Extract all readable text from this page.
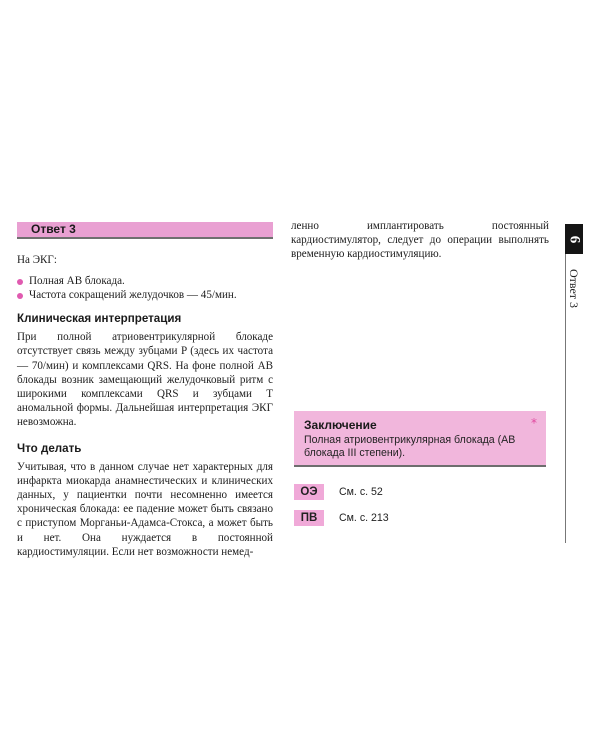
Ответ 3

На ЭКГ:

Полная АВ блокада.
Частота сокращений желудочков — 45/мин.
Клиническая интерпретация

При полной атриовентрикулярной блокаде отсутствует связь между зубцами P (здесь их частота — 70/мин) и комплексами QRS. На фоне полной АВ блокады возник замещающий желудочковый ритм с широкими комплексами QRS и зубцами T аномальной формы. Дальнейшая интерпретация ЭКГ невозможна.

Что делать

Учитывая, что в данном случае нет характерных для инфаркта миокарда анамнестических и клинических данных, у пациентки почти несомненно имеется хроническая блокада: ее падение может быть связано с приступом Морганьи-Адамса-Стокса, а может быть и нет. Она нуждается в постоянной кардиостимуляции. Если нет возможности немед-

ленно имплантировать постоянный кардиостимулятор, следует до операции выполнять временную кардиостимуляцию.

Заключение	*
Полная атриовентрикулярная блокада (АВ блокада III степени).
ОЭ	См. с. 52
ПВ	См. с. 213
6
Ответ 3
